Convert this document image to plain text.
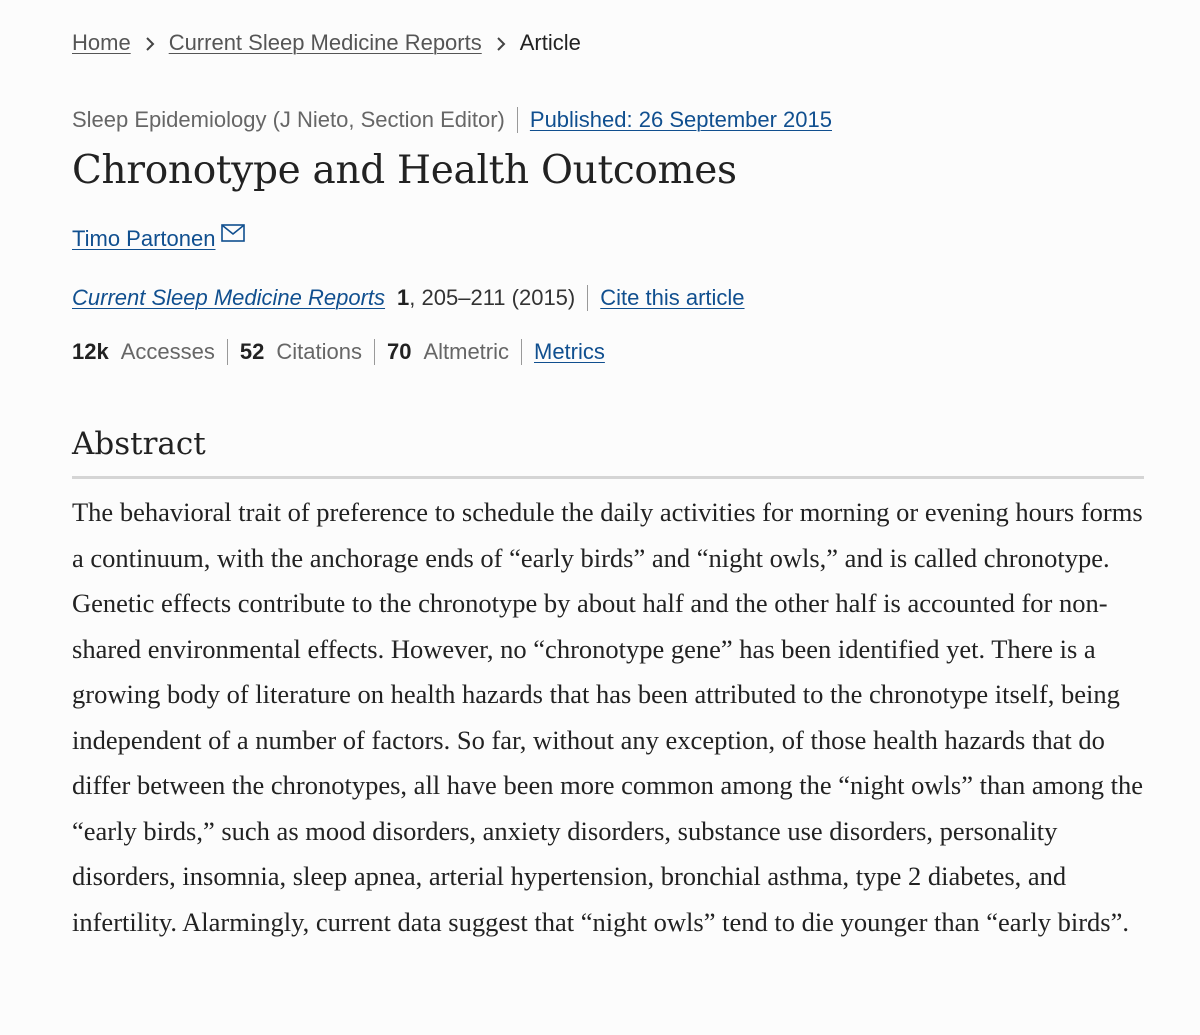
Home Current Sleep Medicine Reports Article
Sleep Epidemiology (J Nieto, Section Editor) Published: 26 September 2015
Chronotype and Health Outcomes
Timo Partonen
Current Sleep Medicine Reports 1 , 205–211 (2015) Cite this article
12k Accesses 52 Citations 70 Altmetric Metrics
Abstract

The behavioral trait of preference to schedule the daily activities for morning or evening hours forms a continuum, with the anchorage ends of “early birds” and “night owls,” and is called chronotype. Genetic effects contribute to the chronotype by about half and the other half is accounted for non-shared environmental effects. However, no “chronotype gene” has been identified yet. There is a growing body of literature on health hazards that has been attributed to the chronotype itself, being independent of a number of factors. So far, without any exception, of those health hazards that do differ between the chronotypes, all have been more common among the “night owls” than among the “early birds,” such as mood disorders, anxiety disorders, substance use disorders, personality disorders, insomnia, sleep apnea, arterial hypertension, bronchial asthma, type 2 diabetes, and infertility. Alarmingly, current data suggest that “night owls” tend to die younger than “early birds”.
